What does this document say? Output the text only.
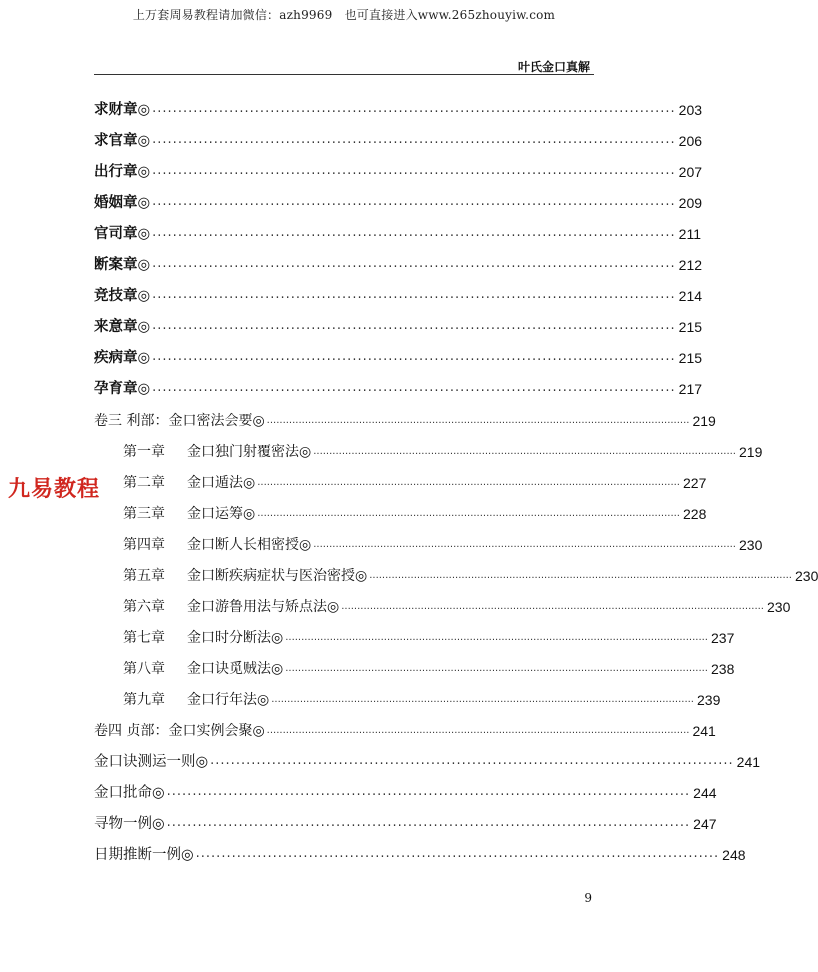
上万套周易教程请加微信：azh9969　也可直接进入www.265zhouyiw.com
叶氏金口真解
求财章◎ ...................................................................................................... 203
求官章◎ ...................................................................................................... 206
出行章◎ ...................................................................................................... 207
婚姻章◎ ...................................................................................................... 209
官司章◎ ...................................................................................................... 211
断案章◎ ...................................................................................................... 212
竞技章◎ ...................................................................................................... 214
来意章◎ ...................................................................................................... 215
疾病章◎ ...................................................................................................... 215
孕育章◎ ...................................................................................................... 217
卷三 利部：金口密法会要◎ ..................................................................................................................................... 219
第一章 金口独门射覆密法◎ ..................................................................................................................................... 219
第二章 金口遁法◎ ..................................................................................................................................... 227
第三章 金口运筹◎ ..................................................................................................................................... 228
第四章 金口断人长相密授◎ ..................................................................................................................................... 230
第五章 金口断疾病症状与医治密授◎ ..................................................................................................................................... 230
第六章 金口游鲁用法与矫点法◎ ..................................................................................................................................... 230
第七章 金口时分断法◎ ..................................................................................................................................... 237
第八章 金口诀觅贼法◎ ..................................................................................................................................... 238
第九章 金口行年法◎ ..................................................................................................................................... 239
卷四 贞部：金口实例会聚◎ ..................................................................................................................................... 241
金口诀测运一则◎ ...................................................................................................... 241
金口批命◎ ...................................................................................................... 244
寻物一例◎ ...................................................................................................... 247
日期推断一例◎ ...................................................................................................... 248
九易教程
9
